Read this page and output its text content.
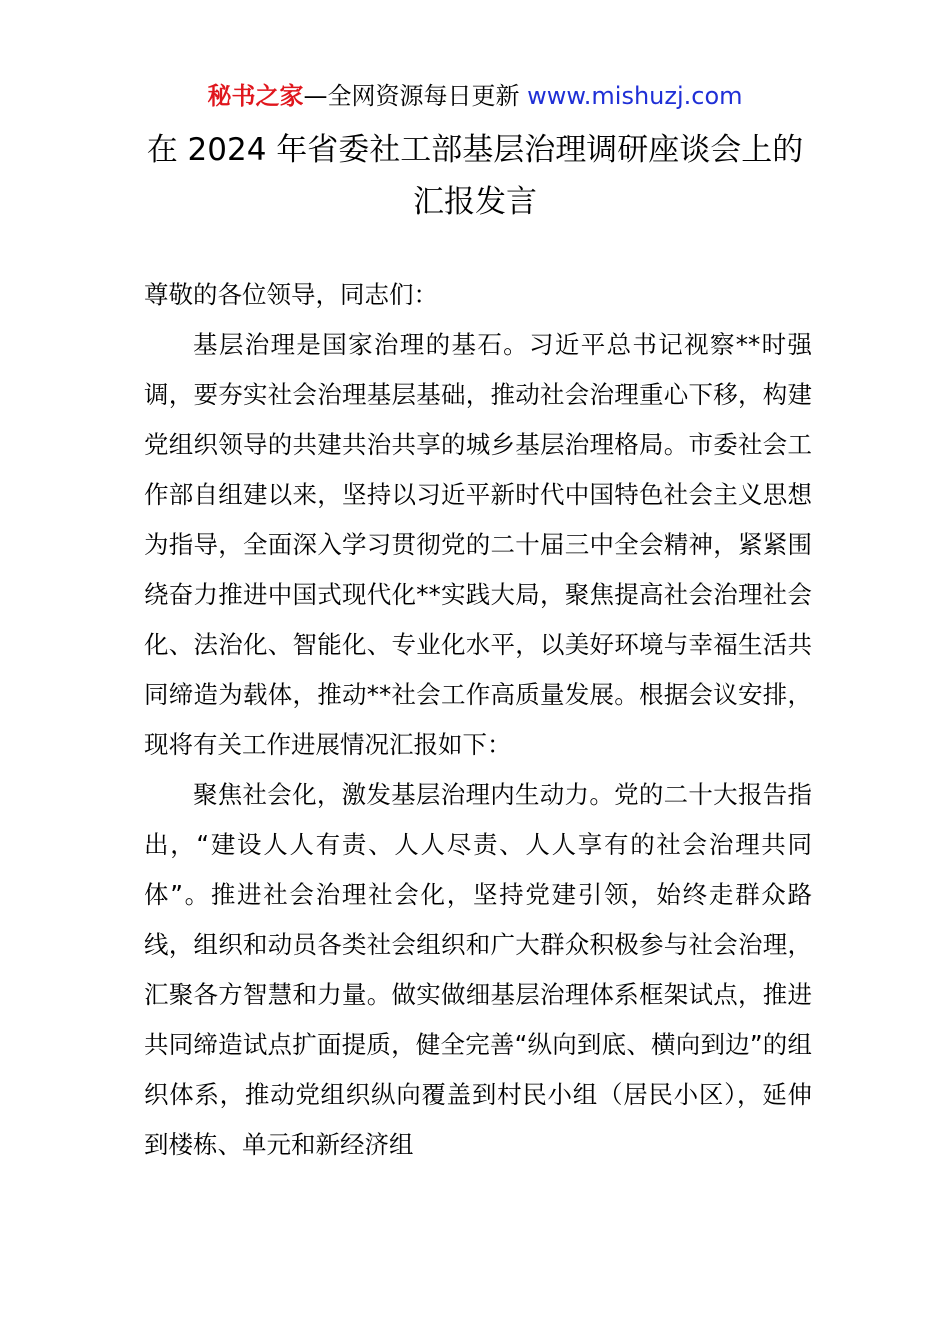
秘书之家—全网资源每日更新 www.mishuzj.com
在 2024 年省委社工部基层治理调研座谈会上的
汇报发言

尊敬的各位领导，同志们：

基层治理是国家治理的基石。习近平总书记视察**时强调，要夯实社会治理基层基础，推动社会治理重心下移，构建党组织领导的共建共治共享的城乡基层治理格局。市委社会工作部自组建以来，坚持以习近平新时代中国特色社会主义思想为指导，全面深入学习贯彻党的二十届三中全会精神，紧紧围绕奋力推进中国式现代化**实践大局，聚焦提高社会治理社会化、法治化、智能化、专业化水平，以美好环境与幸福生活共同缔造为载体，推动**社会工作高质量发展。根据会议安排，现将有关工作进展情况汇报如下：

聚焦社会化，激发基层治理内生动力。党的二十大报告指出，“建设人人有责、人人尽责、人人享有的社会治理共同体”。推进社会治理社会化，坚持党建引领，始终走群众路线，组织和动员各类社会组织和广大群众积极参与社会治理，汇聚各方智慧和力量。做实做细基层治理体系框架试点，推进共同缔造试点扩面提质，健全完善“纵向到底、横向到边”的组织体系，推动党组织纵向覆盖到村民小组（居民小区），延伸到楼栋、单元和新经济组
